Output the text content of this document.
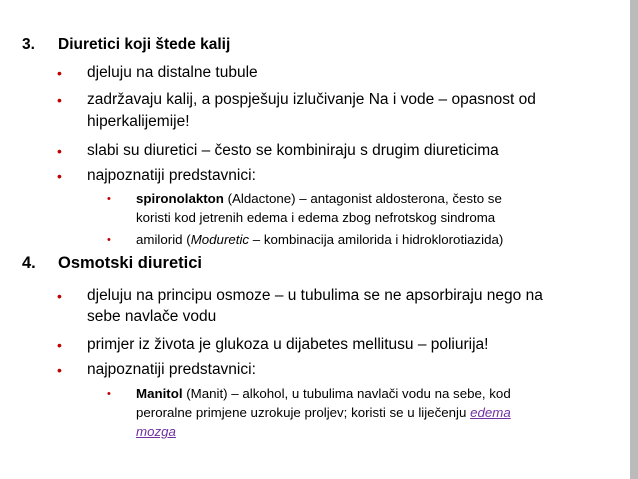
3. Diuretici koji štede kalij
• djeluju na distalne tubule
• zadržavaju kalij, a pospješuju izlučivanje Na i vode – opasnost od
hiperkalijemije!
• slabi su diuretici – često se kombiniraju s drugim diureticima
• najpoznatiji predstavnici:
• spironolakton (Aldactone) – antagonist aldosterona, često se
koristi kod jetrenih edema i edema zbog nefrotskog sindroma
• amilorid (Moduretic – kombinacija amilorida i hidroklorotiazida)
4. Osmotski diuretici
• djeluju na principu osmoze – u tubulima se ne apsorbiraju nego na
sebe navlače vodu
• primjer iz života je glukoza u dijabetes mellitusu – poliurija!
• najpoznatiji predstavnici:
• Manitol (Manit) – alkohol, u tubulima navlači vodu na sebe, kod
peroralne primjene uzrokuje proljev; koristi se u liječenju edema
mozga
